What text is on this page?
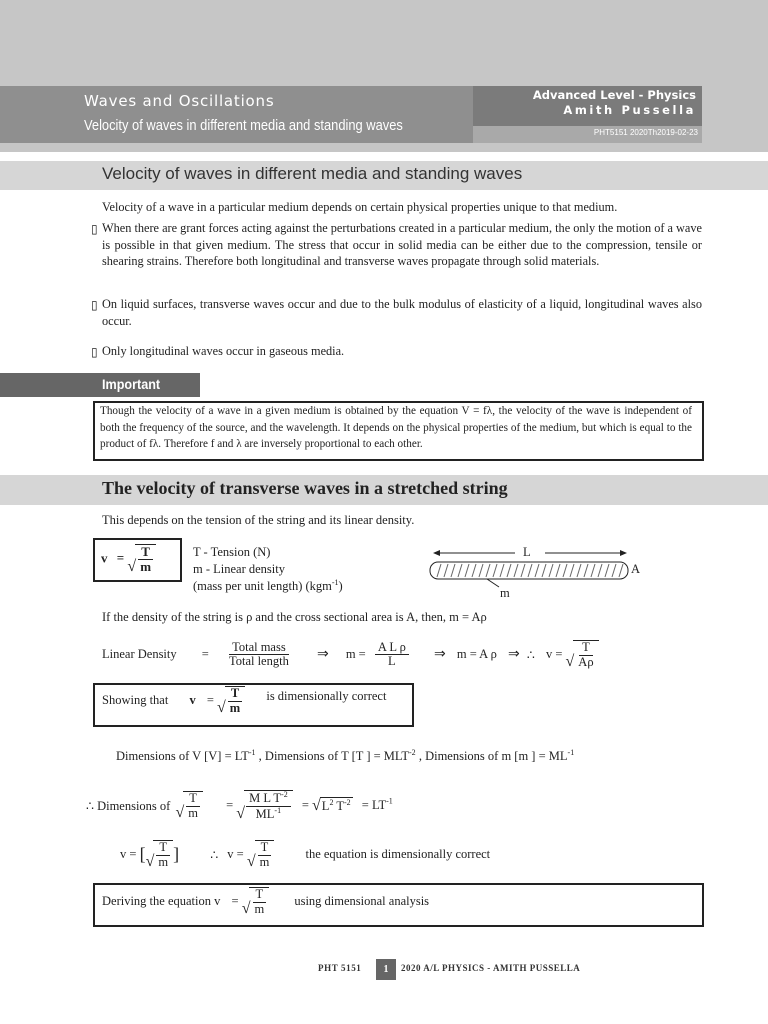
Waves and Oscillations
Velocity of waves in different media and standing waves
Advanced Level - Physics
Amith Pussella
PHT5151 2020Th2019-02-23
Velocity of waves in different media and standing waves
Velocity of a wave in a particular medium depends on certain physical properties unique to that medium.
▯ When there are grant forces acting against the perturbations created in a particular medium, the only the motion of a wave is possible in that given medium. The stress that occur in solid media can be either due to the compression, tensile or shearing strains. Therefore both longitudinal and transverse waves propagate through solid materials.
▯ On liquid surfaces, transverse waves occur and due to the bulk modulus of elasticity of a liquid, longitudinal waves also occur.
▯ Only longitudinal waves occur in gaseous media.
Important
Though the velocity of a wave in a given medium is obtained by the equation V = fλ, the velocity of the wave is independent of both the frequency of the source, and the wavelength. It depends on the physical properties of the medium, but which is equal to the product of fλ. Therefore f and λ are inversely proportional to each other.
The velocity of transverse waves in a stretched string
This depends on the tension of the string and its linear density.
v = √ $\frac{T}{m}$	T - Tension (N)
m - Linear density
(mass per unit length) (kgm$^{-1}$)
L
A
m
If the density of the string is ρ and the cross sectional area is A, then, m = Aρ
Linear Density = $\frac{\text{Total mass}}{\text{Total length}}$ ⇒ $m = \frac{\text{A L ρ}}{L}$ ⇒ m = A ρ ⇒ ∴ v = √ $\frac{T}{A\rho}$
Showing that v = √ $\frac{T}{m}$ is dimensionally correct
Dimensions of V $[V] = LT^{-1}$ , Dimensions of T [T ] = $MLT^{-2}$ , Dimensions of m [m ] = $ML^{-1}$
∴ Dimensions of √ $\frac{T}{m}$ = √ $\frac{M L T^{-2}}{ML^{-1}}$ = √ $L^2$ $T^{-2} = LT^{-1}$
v = [ √ $\frac{T}{m}$ ] ∴ v = √ $\frac{T}{m}$	the equation is dimensionally correct
Deriving the equation v = √ $\frac{T}{m}$ using dimensional analysis
PHT 5151	1	2020 A/L PHYSICS - AMITH PUSSELLA
